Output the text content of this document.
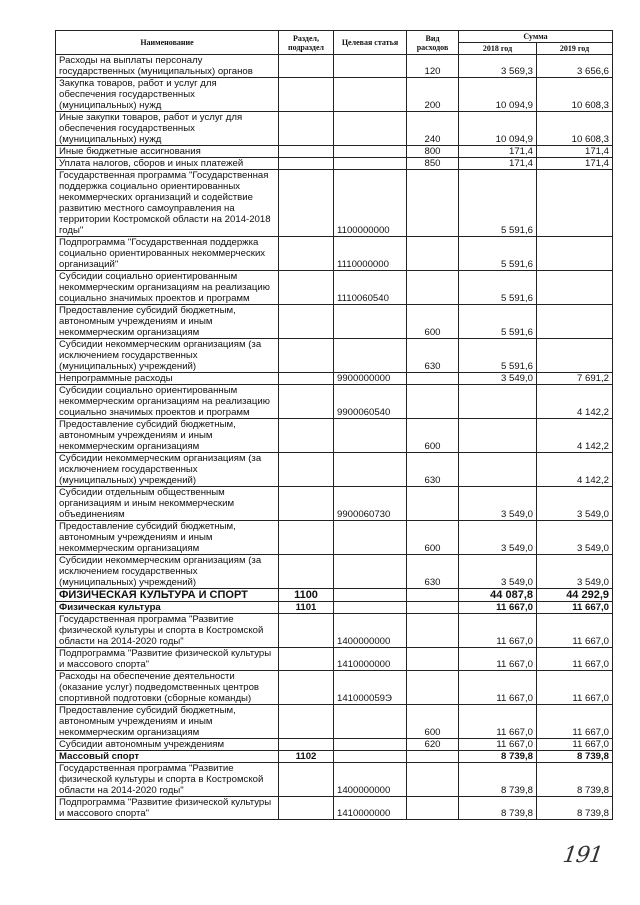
Наименование	Раздел, подраздел	Целевая статья	Вид расходов	Сумма	
				2018 год	2019 год
Расходы на выплаты персоналу государственных (муниципальных) органов			120	3 569,3	3 656,6
Закупка товаров, работ и услуг для обеспечения государственных (муниципальных) нужд			200	10 094,9	10 608,3
Иные закупки товаров, работ и услуг для обеспечения государственных (муниципальных) нужд			240	10 094,9	10 608,3
Иные бюджетные ассигнования			800	171,4	171,4
Уплата налогов, сборов и иных платежей			850	171,4	171,4
Государственная программа "Государственная поддержка социально ориентированных некоммерческих организаций и содействие развитию местного самоуправления на территории Костромской области на 2014-2018 годы"		1100000000		5 591,6	
Подпрограмма "Государственная поддержка социально ориентированных некоммерческих организаций"		1110000000		5 591,6	
Субсидии социально ориентированным некоммерческим организациям на реализацию социально значимых проектов и программ		1110060540		5 591,6	
Предоставление субсидий бюджетным, автономным учреждениям и иным некоммерческим организациям			600	5 591,6	
Субсидии некоммерческим организациям (за исключением государственных (муниципальных) учреждений)			630	5 591,6	
Непрограммные расходы		9900000000		3 549,0	7 691,2
Субсидии социально ориентированным некоммерческим организациям на реализацию социально значимых проектов и программ		9900060540			4 142,2
Предоставление субсидий бюджетным, автономным учреждениям и иным некоммерческим организациям			600		4 142,2
Субсидии некоммерческим организациям (за исключением государственных (муниципальных) учреждений)			630		4 142,2
Субсидии отдельным общественным организациям и иным некоммерческим объединениям		9900060730		3 549,0	3 549,0
Предоставление субсидий бюджетным, автономным учреждениям и иным некоммерческим организациям			600	3 549,0	3 549,0
Субсидии некоммерческим организациям (за исключением государственных (муниципальных) учреждений)			630	3 549,0	3 549,0
ФИЗИЧЕСКАЯ КУЛЬТУРА И СПОРТ	1100			44 087,8	44 292,9
Физическая культура	1101			11 667,0	11 667,0
Государственная программа "Развитие физической культуры и спорта в Костромской области на 2014-2020 годы"		1400000000		11 667,0	11 667,0
Подпрограмма "Развитие физической культуры и массового спорта"		1410000000		11 667,0	11 667,0
Расходы на обеспечение деятельности (оказание услуг) подведомственных центров спортивной подготовки (сборные команды)		141000059Э		11 667,0	11 667,0
Предоставление субсидий бюджетным, автономным учреждениям и иным некоммерческим организациям			600	11 667,0	11 667,0
Субсидии автономным учреждениям			620	11 667,0	11 667,0
Массовый спорт	1102			8 739,8	8 739,8
Государственная программа "Развитие физической культуры и спорта в Костромской области на 2014-2020 годы"		1400000000		8 739,8	8 739,8
Подпрограмма "Развитие физической культуры и массового спорта"		1410000000		8 739,8	8 739,8
191
